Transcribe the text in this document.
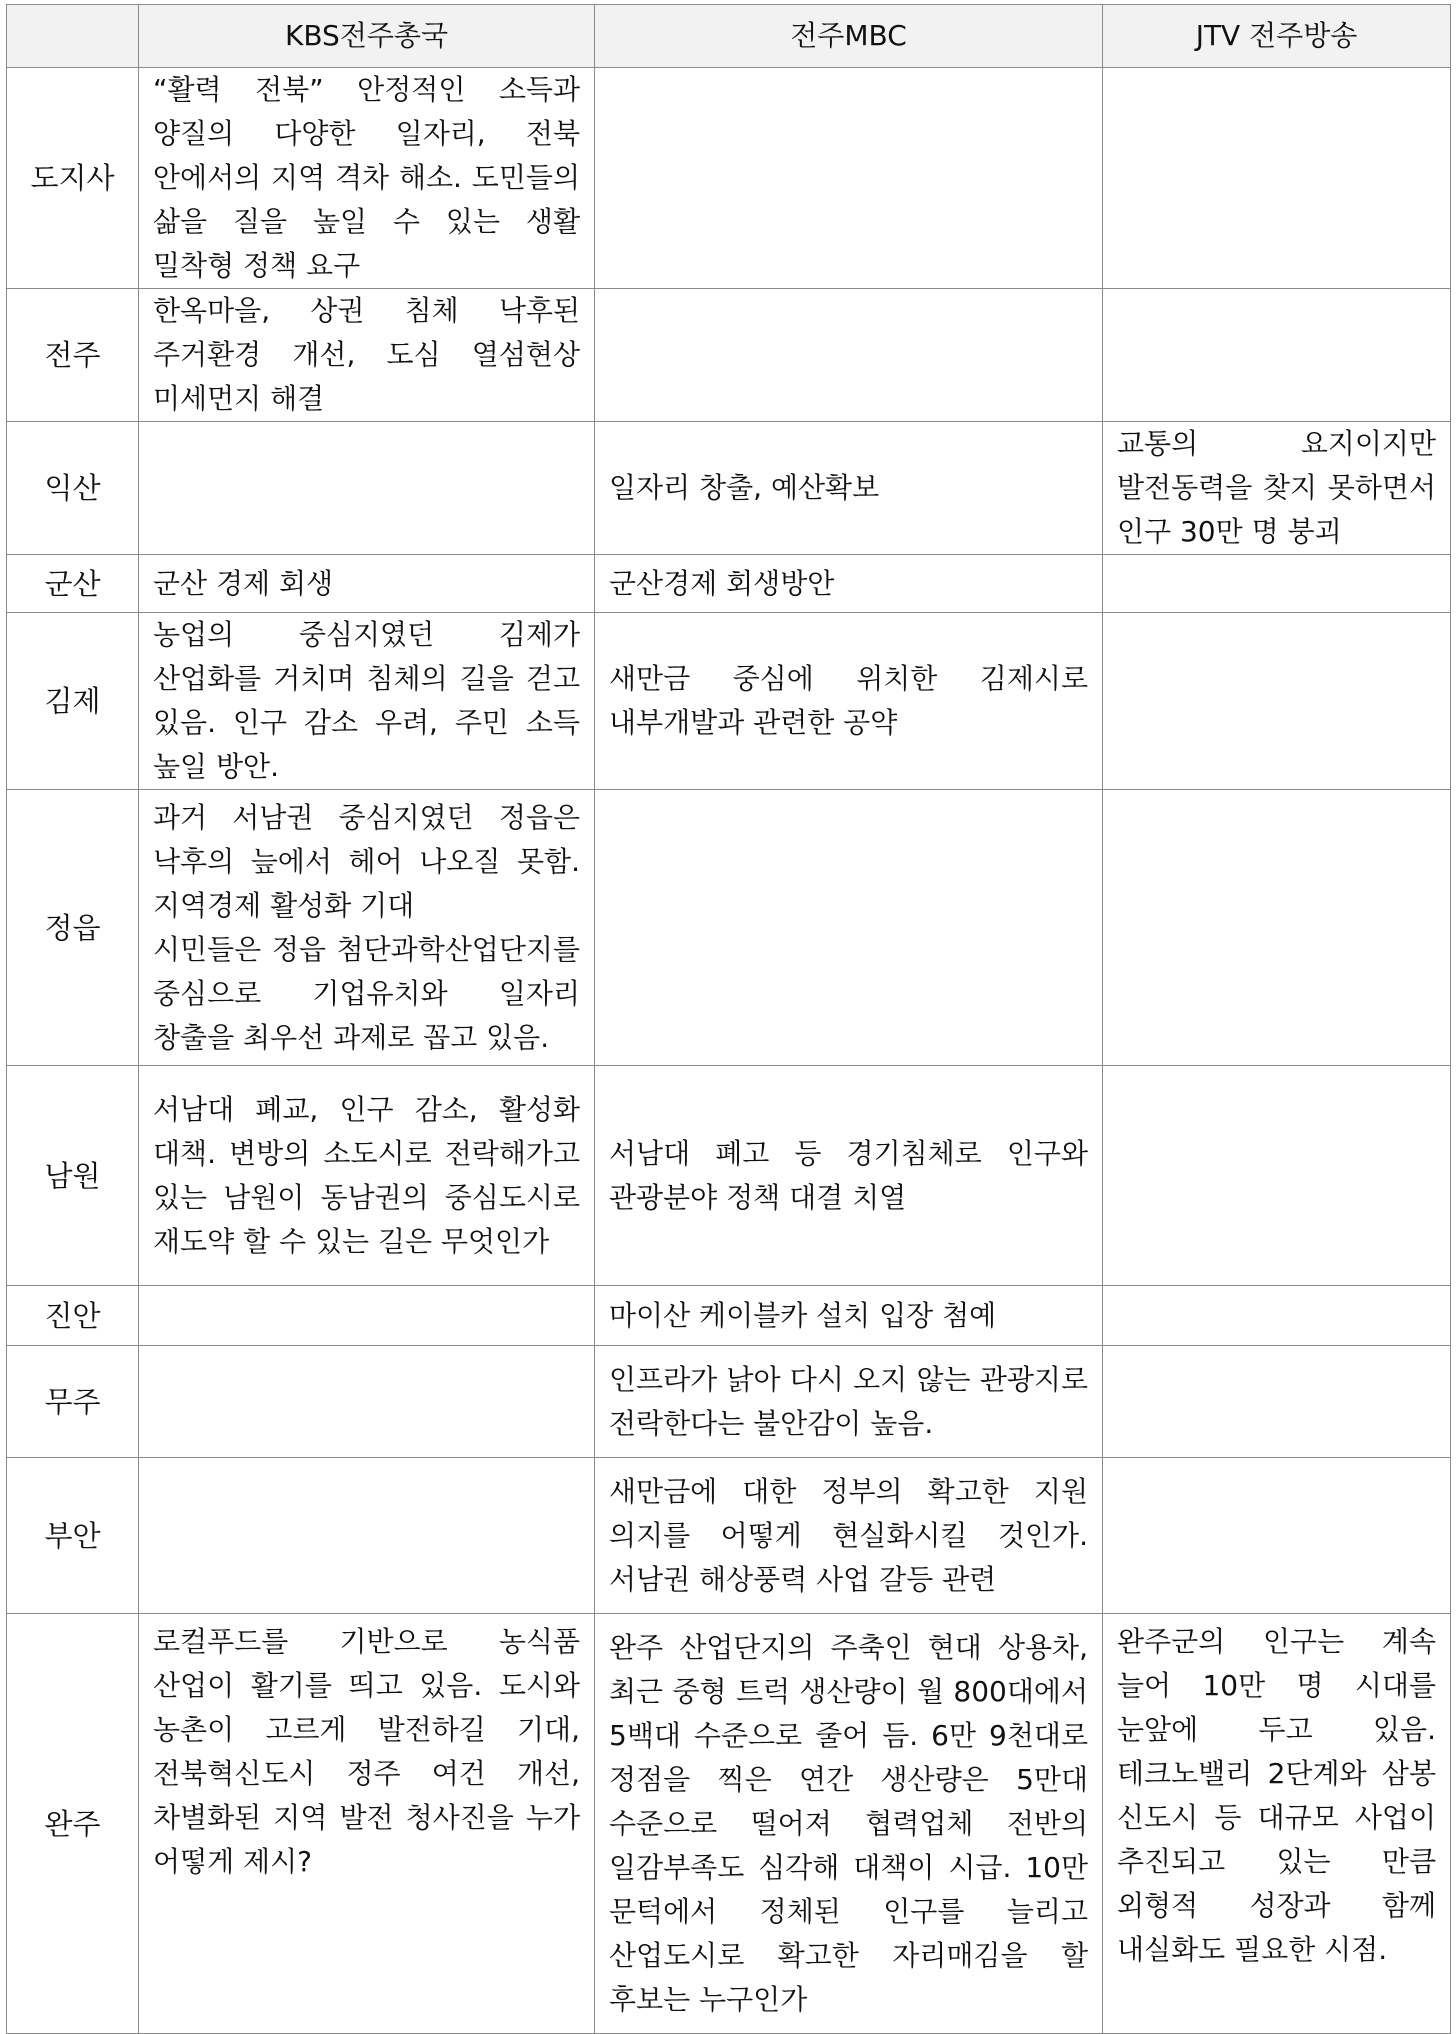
	KBS전주총국	전주MBC	JTV 전주방송
도지사	“활력 전북” 안정적인 소득과 양질의 다양한 일자리, 전북 안에서의 지역 격차 해소. 도민들의 삶을 질을 높일 수 있는 생활 밀착형 정책 요구		
전주	한옥마을, 상권 침체 낙후된 주거환경 개선, 도심 열섬현상 미세먼지 해결		
익산		일자리 창출, 예산확보	교통의 요지이지만 발전동력을 찾지 못하면서 인구 30만 명 붕괴
군산	군산 경제 회생	군산경제 회생방안	
김제	농업의 중심지였던 김제가 산업화를 거치며 침체의 길을 걷고 있음. 인구 감소 우려, 주민 소득 높일 방안.	새만금 중심에 위치한 김제시로 내부개발과 관련한 공약	
정읍	과거 서남권 중심지였던 정읍은 낙후의 늪에서 헤어 나오질 못함. 지역경제 활성화 기대
시민들은 정읍 첨단과학산업단지를 중심으로 기업유치와 일자리 창출을 최우선 과제로 꼽고 있음.		

남원	서남대 폐교, 인구 감소, 활성화 대책. 변방의 소도시로 전락해가고 있는 남원이 동남권의 중심도시로 재도약 할 수 있는 길은 무엇인가	서남대 폐고 등 경기침체로 인구와 관광분야 정책 대결 치열	
진안		마이산 케이블카 설치 입장 첨예	
무주		인프라가 낡아 다시 오지 않는 관광지로 전락한다는 불안감이 높음.	
부안		새만금에 대한 정부의 확고한 지원 의지를 어떻게 현실화시킬 것인가. 서남권 해상풍력 사업 갈등 관련	
완주	로컬푸드를 기반으로 농식품 산업이 활기를 띄고 있음. 도시와 농촌이 고르게 발전하길 기대, 전북혁신도시 정주 여건 개선, 차별화된 지역 발전 청사진을 누가 어떻게 제시?	완주 산업단지의 주축인 현대 상용차, 최근 중형 트럭 생산량이 월 800대에서 5백대 수준으로 줄어 듬. 6만 9천대로 정점을 찍은 연간 생산량은 5만대 수준으로 떨어져 협력업체 전반의 일감부족도 심각해 대책이 시급. 10만 문턱에서 정체된 인구를 늘리고 산업도시로 확고한 자리매김을 할 후보는 누구인가	완주군의 인구는 계속 늘어 10만 명 시대를 눈앞에 두고 있음. 테크노밸리 2단계와 삼봉 신도시 등 대규모 사업이 추진되고 있는 만큼 외형적 성장과 함께 내실화도 필요한 시점.
